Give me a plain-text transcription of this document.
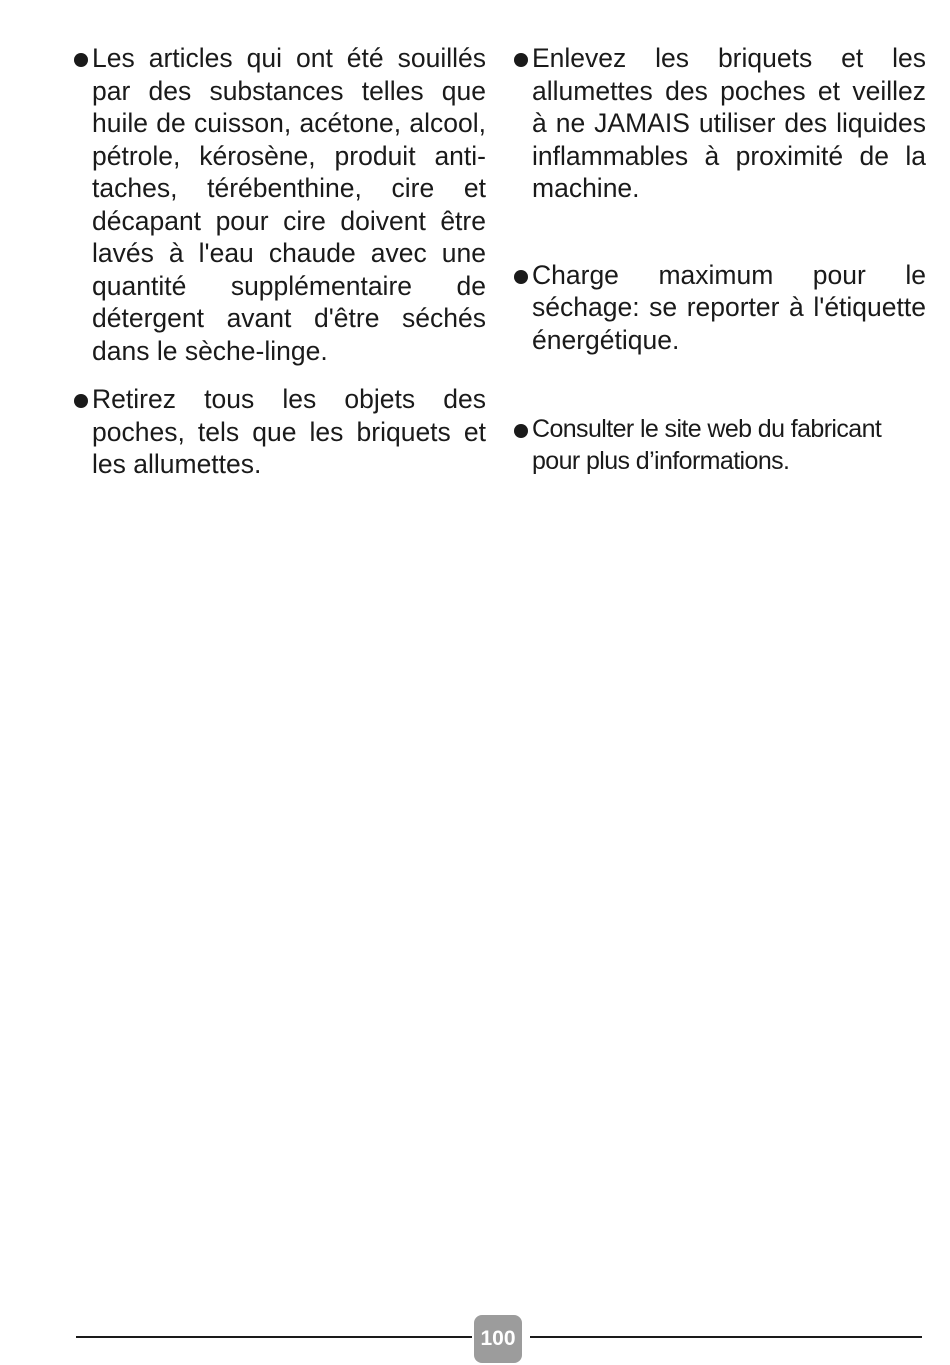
Les articles qui ont été souillés par des substances telles que huile de cuisson, acétone, alcool, pétrole, kérosène, produit anti-taches, térébenthine, cire et décapant pour cire doivent être lavés à l'eau chaude avec une quantité supplémentaire de détergent avant d'être séchés dans le sèche-linge.
Retirez tous les objets des poches, tels que les briquets et les allumettes.
Enlevez les briquets et les allumettes des poches et veillez à ne JAMAIS utiliser des liquides inflammables à proximité de la machine.
Charge maximum pour le séchage: se reporter à l'étiquette énergétique.
Consulter le site web du fabricant pour plus d’informations.
100
